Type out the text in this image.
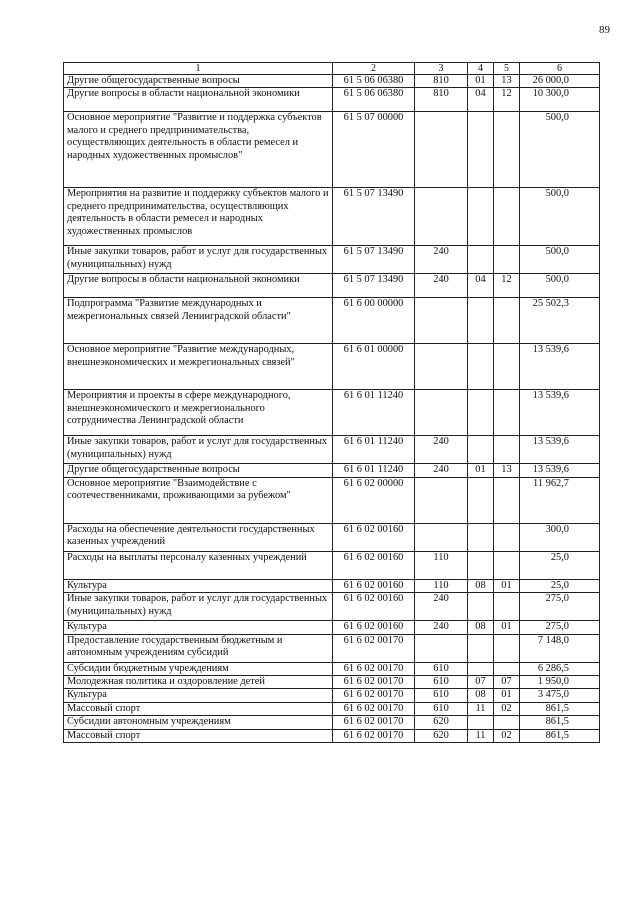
89
1	2	3	4	5	6
Другие общегосударственные вопросы	61 5 06 06380	810	01	13	26 000,0
Другие вопросы в области национальной экономики	61 5 06 06380	810	04	12	10 300,0
Основное мероприятие "Развитие и поддержка субъектов малого и среднего предпринимательства, осуществляющих деятельность в области ремесел и народных художественных промыслов"	61 5 07 00000				500,0
Мероприятия на развитие и поддержку субъектов малого и среднего предпринимательства, осуществляющих деятельность в области ремесел и народных художественных промыслов	61 5 07 13490				500,0
Иные закупки товаров, работ и услуг для государственных (муниципальных) нужд	61 5 07 13490	240			500,0
Другие вопросы в области национальной экономики	61 5 07 13490	240	04	12	500,0
Подпрограмма "Развитие международных и межрегиональных связей Ленинградской области"	61 6 00 00000				25 502,3
Основное мероприятие "Развитие международных, внешнеэкономических и межрегиональных связей"	61 6 01 00000				13 539,6
Мероприятия и проекты в сфере международного, внешнеэкономического и межрегионального сотрудничества Ленинградской области	61 6 01 11240				13 539,6
Иные закупки товаров, работ и услуг для государственных (муниципальных) нужд	61 6 01 11240	240			13 539,6
Другие общегосударственные вопросы	61 6 01 11240	240	01	13	13 539,6
Основное мероприятие "Взаимодействие с соотечественниками, проживающими за рубежом"	61 6 02 00000				11 962,7
Расходы на обеспечение деятельности государственных казенных учреждений	61 6 02 00160				300,0
Расходы на выплаты персоналу казенных учреждений	61 6 02 00160	110			25,0
Культура	61 6 02 00160	110	08	01	25,0
Иные закупки товаров, работ и услуг для государственных (муниципальных) нужд	61 6 02 00160	240			275,0
Культура	61 6 02 00160	240	08	01	275,0
Предоставление государственным бюджетным и автономным учреждениям субсидий	61 6 02 00170				7 148,0
Субсидии бюджетным учреждениям	61 6 02 00170	610			6 286,5
Молодежная политика и оздоровление детей	61 6 02 00170	610	07	07	1 950,0
Культура	61 6 02 00170	610	08	01	3 475,0
Массовый спорт	61 6 02 00170	610	11	02	861,5
Субсидии автономным учреждениям	61 6 02 00170	620			861,5
Массовый спорт	61 6 02 00170	620	11	02	861,5
